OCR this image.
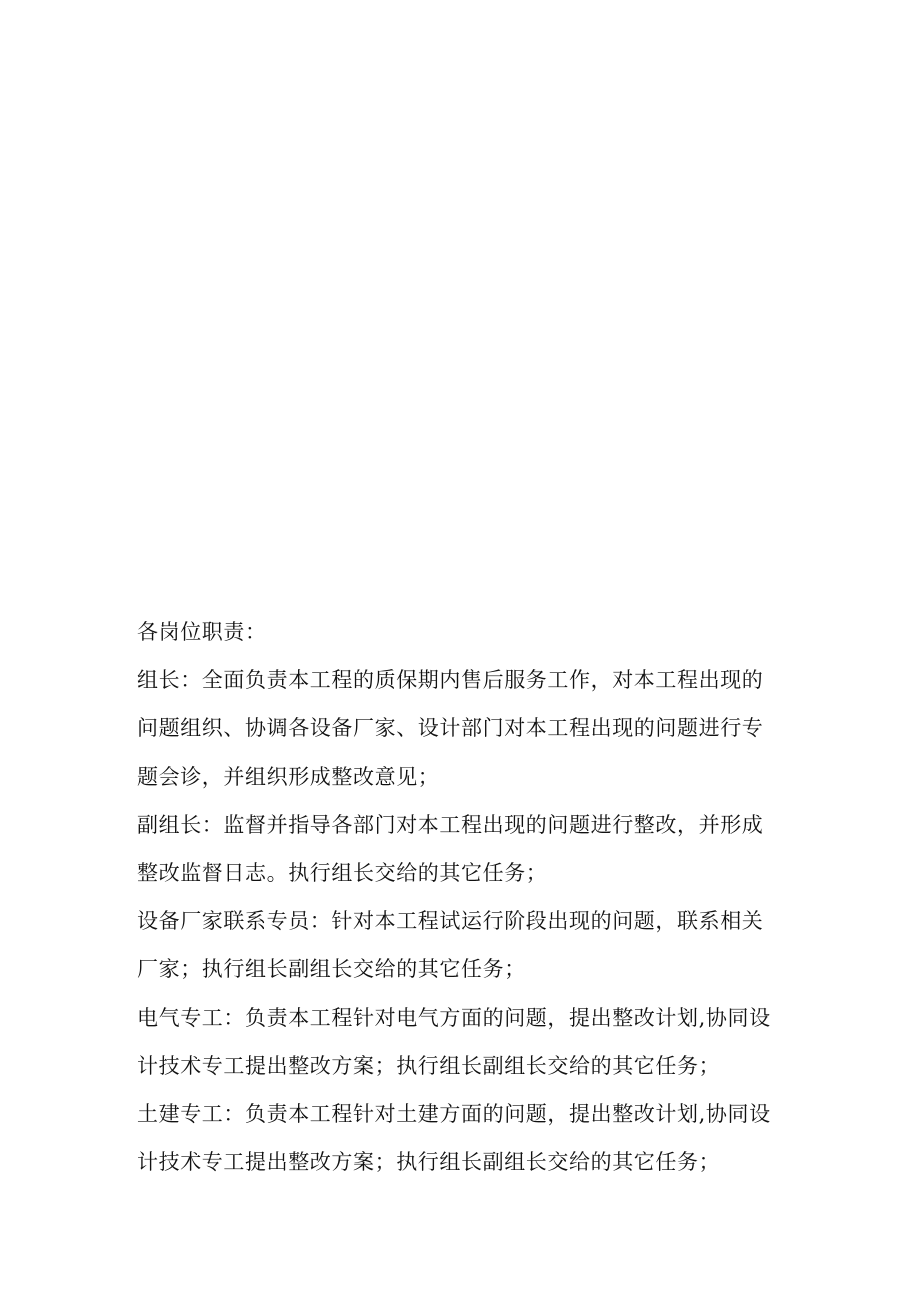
各岗位职责：
组长：全面负责本工程的质保期内售后服务工作，对本工程出现的
问题组织、协调各设备厂家、设计部门对本工程出现的问题进行专
题会诊，并组织形成整改意见；
副组长：监督并指导各部门对本工程出现的问题进行整改，并形成
整改监督日志。执行组长交给的其它任务；
设备厂家联系专员：针对本工程试运行阶段出现的问题，联系相关
厂家；执行组长副组长交给的其它任务；
电气专工：负责本工程针对电气方面的问题，提出整改计划,协同设
计技术专工提出整改方案；执行组长副组长交给的其它任务；
土建专工：负责本工程针对土建方面的问题，提出整改计划,协同设
计技术专工提出整改方案；执行组长副组长交给的其它任务；
